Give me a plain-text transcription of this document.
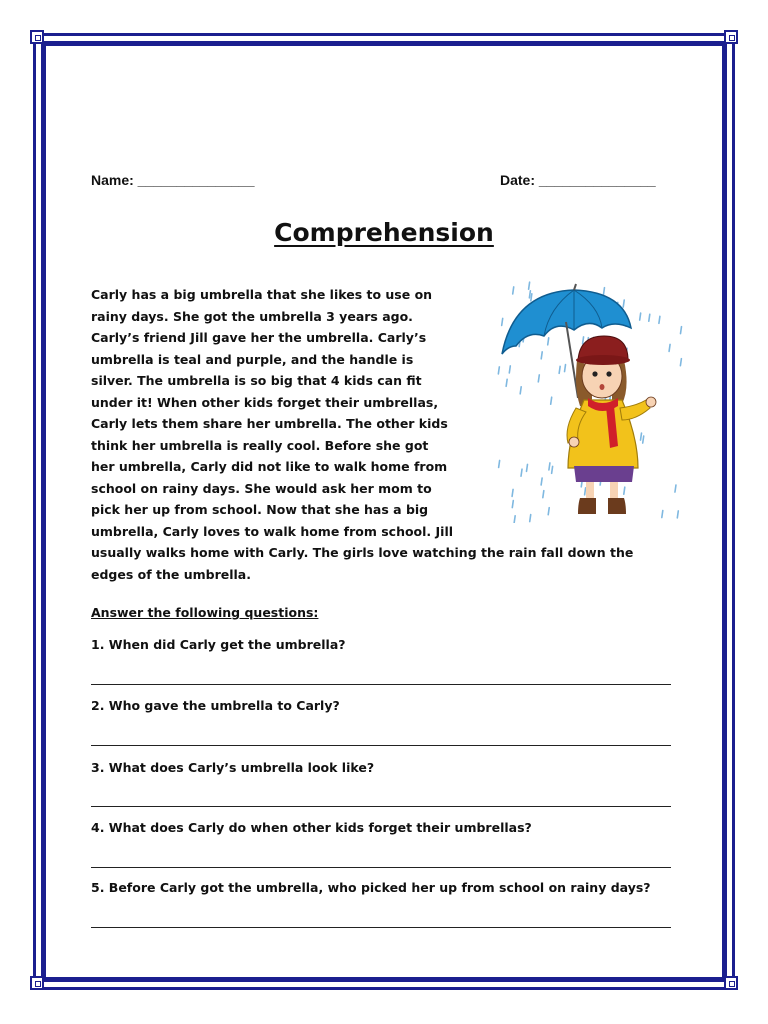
Name: _______________	Date: _______________
Comprehension
Carly has a big umbrella that she likes to use on
rainy days. She got the umbrella 3 years ago.
Carly’s friend Jill gave her the umbrella. Carly’s
umbrella is teal and purple, and the handle is
silver. The umbrella is so big that 4 kids can fit
under it! When other kids forget their umbrellas,
Carly lets them share her umbrella. The other kids
think her umbrella is really cool. Before she got
her umbrella, Carly did not like to walk home from
school on rainy days. She would ask her mom to
pick her up from school. Now that she has a big
umbrella, Carly loves to walk home from school. Jill
usually walks home with Carly. The girls love watching the rain fall down the
edges of the umbrella.
Answer the following questions:
1. When did Carly get the umbrella?
2. Who gave the umbrella to Carly?
3. What does Carly’s umbrella look like?
4. What does Carly do when other kids forget their umbrellas?
5. Before Carly got the umbrella, who picked her up from school on rainy days?
